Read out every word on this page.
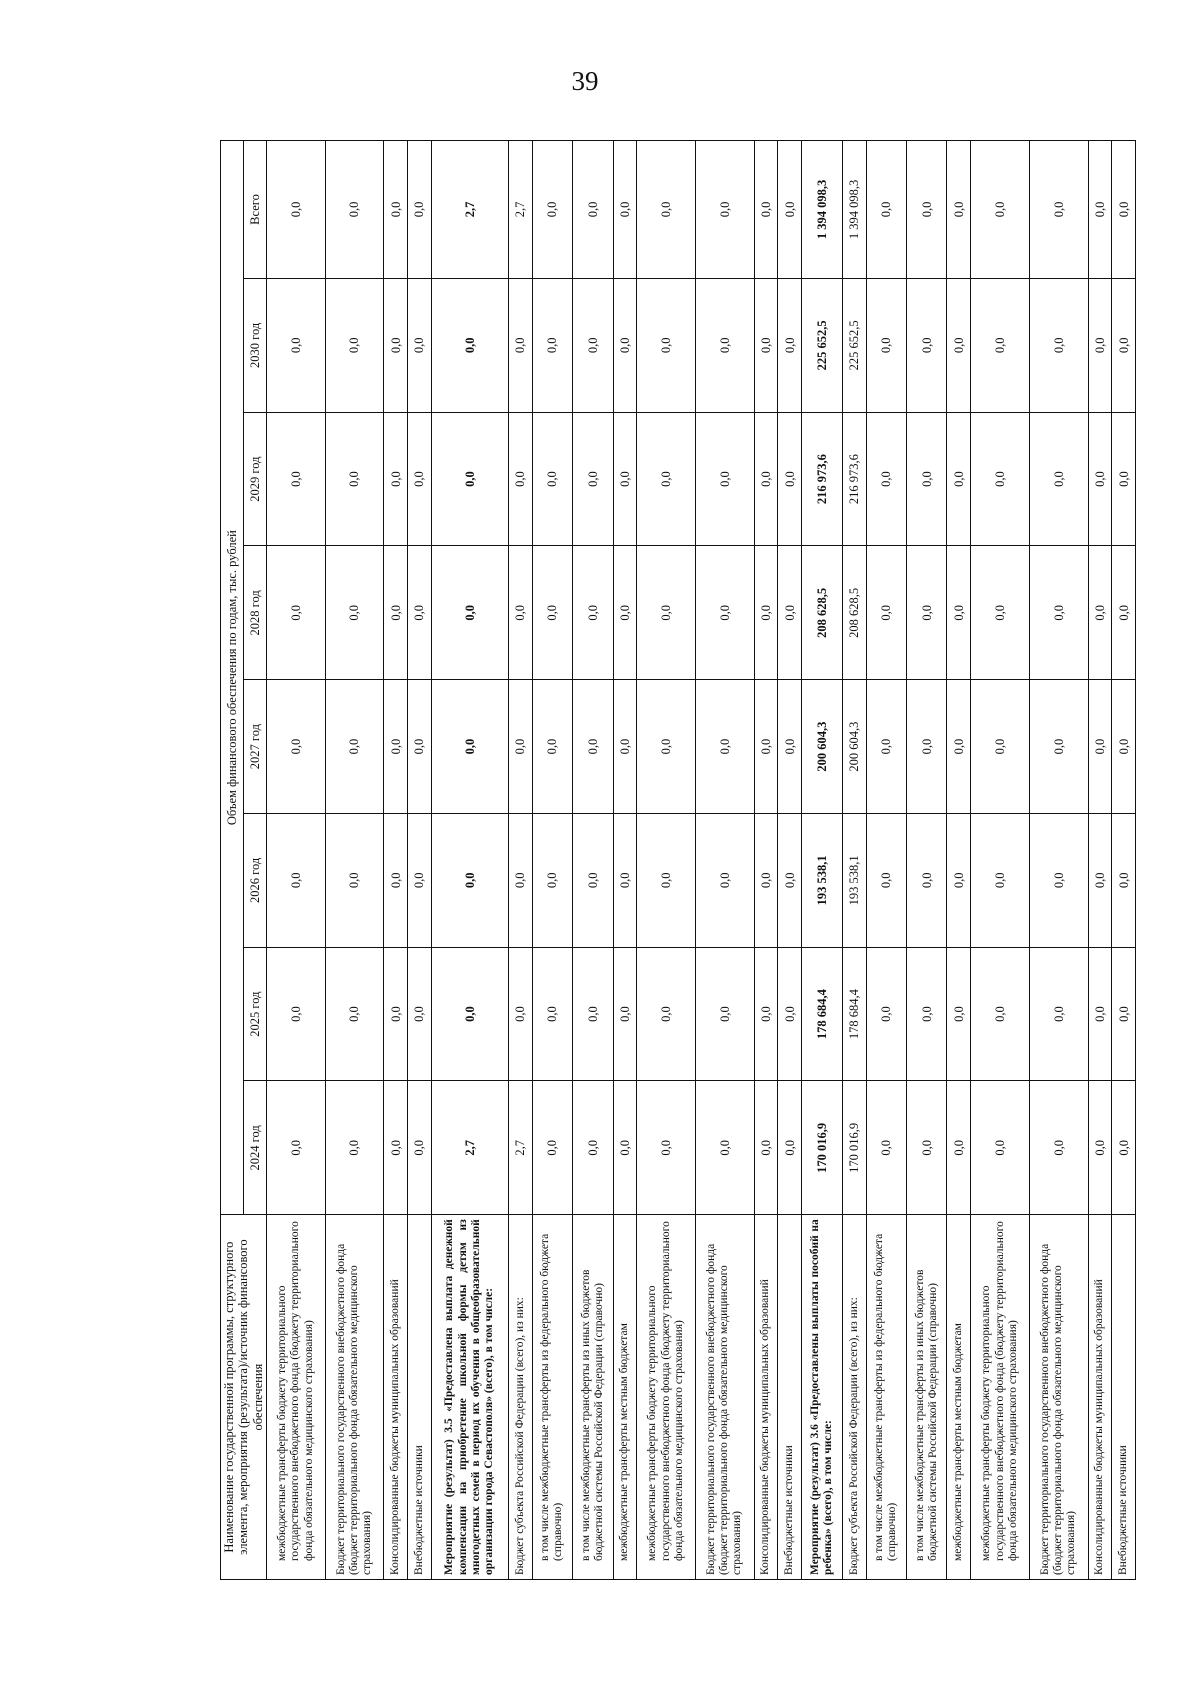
39
Наименование государственной программы, структурного элемента, мероприятия (результата)/источник финансового обеспечения	Объем финансового обеспечения по годам, тыс. рублей							
	2024 год	2025 год	2026 год	2027 год	2028 год	2029 год	2030 год	Всего
межбюджетные трансферты бюджету территориального государственного внебюджетного фонда (бюджету территориального фонда обязательного медицинского страхования)	0,0	0,0	0,0	0,0	0,0	0,0	0,0	0,0
Бюджет территориального государственного внебюджетного фонда (бюджет территориального фонда обязательного медицинского страхования)	0,0	0,0	0,0	0,0	0,0	0,0	0,0	0,0
Консолидированные бюджеты муниципальных образований	0,0	0,0	0,0	0,0	0,0	0,0	0,0	0,0
Внебюджетные источники	0,0	0,0	0,0	0,0	0,0	0,0	0,0	0,0
Мероприятие (результат) 3.5 «Предоставлена выплата денежной компенсации на приобретение школьной формы детям из многодетных семей в период их обучения в общеобразовательной организации города Севастополя» (всего), в том числе:	2,7	0,0	0,0	0,0	0,0	0,0	0,0	2,7
Бюджет субъекта Российской Федерации (всего), из них:	2,7	0,0	0,0	0,0	0,0	0,0	0,0	2,7
в том числе межбюджетные трансферты из федерального бюджета (справочно)	0,0	0,0	0,0	0,0	0,0	0,0	0,0	0,0
в том числе межбюджетные трансферты из иных бюджетов бюджетной системы Российской Федерации (справочно)	0,0	0,0	0,0	0,0	0,0	0,0	0,0	0,0
межбюджетные трансферты местным бюджетам	0,0	0,0	0,0	0,0	0,0	0,0	0,0	0,0
межбюджетные трансферты бюджету территориального государственного внебюджетного фонда (бюджету территориального фонда обязательного медицинского страхования)	0,0	0,0	0,0	0,0	0,0	0,0	0,0	0,0
Бюджет территориального государственного внебюджетного фонда (бюджет территориального фонда обязательного медицинского страхования)	0,0	0,0	0,0	0,0	0,0	0,0	0,0	0,0
Консолидированные бюджеты муниципальных образований	0,0	0,0	0,0	0,0	0,0	0,0	0,0	0,0
Внебюджетные источники	0,0	0,0	0,0	0,0	0,0	0,0	0,0	0,0
Мероприятие (результат) 3.6 «Предоставлены выплаты пособий на ребенка» (всего), в том числе:	170 016,9	178 684,4	193 538,1	200 604,3	208 628,5	216 973,6	225 652,5	1 394 098,3
Бюджет субъекта Российской Федерации (всего), из них:	170 016,9	178 684,4	193 538,1	200 604,3	208 628,5	216 973,6	225 652,5	1 394 098,3
в том числе межбюджетные трансферты из федерального бюджета (справочно)	0,0	0,0	0,0	0,0	0,0	0,0	0,0	0,0
в том числе межбюджетные трансферты из иных бюджетов бюджетной системы Российской Федерации (справочно)	0,0	0,0	0,0	0,0	0,0	0,0	0,0	0,0
межбюджетные трансферты местным бюджетам	0,0	0,0	0,0	0,0	0,0	0,0	0,0	0,0
межбюджетные трансферты бюджету территориального государственного внебюджетного фонда (бюджету территориального фонда обязательного медицинского страхования)	0,0	0,0	0,0	0,0	0,0	0,0	0,0	0,0
Бюджет территориального государственного внебюджетного фонда (бюджет территориального фонда обязательного медицинского страхования)	0,0	0,0	0,0	0,0	0,0	0,0	0,0	0,0
Консолидированные бюджеты муниципальных образований	0,0	0,0	0,0	0,0	0,0	0,0	0,0	0,0
Внебюджетные источники	0,0	0,0	0,0	0,0	0,0	0,0	0,0	0,0
